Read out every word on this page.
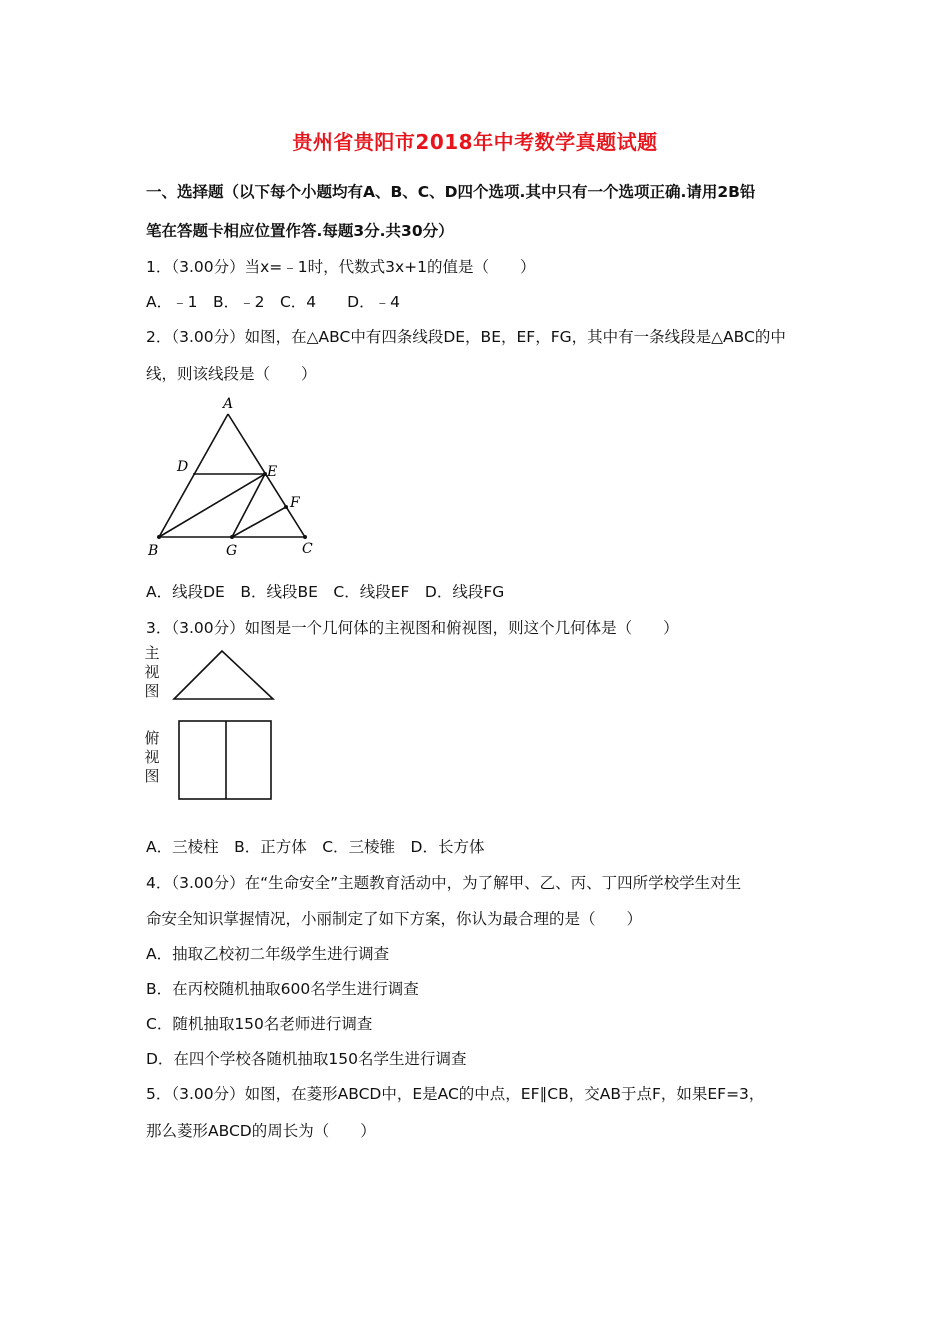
贵州省贵阳市2018年中考数学真题试题
一、选择题（以下每个小题均有A、B、C、D四个选项.其中只有一个选项正确.请用2B铅
笔在答题卡相应位置作答.每题3分.共30分）
1．（3.00分）当x=﹣1时，代数式3x+1的值是（　　）
A．﹣1　B．﹣2　C．4　　D．﹣4
2．（3.00分）如图，在△ABC中有四条线段DE，BE，EF，FG，其中有一条线段是△ABC的中
线，则该线段是（　　）
A
D	E
F
B	G	C
A．线段DE　B．线段BE　C．线段EF　D．线段FG
3．（3.00分）如图是一个几何体的主视图和俯视图，则这个几何体是（　　）
主视图
俯视图
A．三棱柱　B．正方体　C．三棱锥　D．长方体
4．（3.00分）在“生命安全”主题教育活动中，为了解甲、乙、丙、丁四所学校学生对生
命安全知识掌握情况，小丽制定了如下方案，你认为最合理的是（　　）
A．抽取乙校初二年级学生进行调查
B．在丙校随机抽取600名学生进行调查
C．随机抽取150名老师进行调查
D．在四个学校各随机抽取150名学生进行调查
5．（3.00分）如图，在菱形ABCD中，E是AC的中点，EF∥CB，交AB于点F，如果EF=3，
那么菱形ABCD的周长为（　　）
